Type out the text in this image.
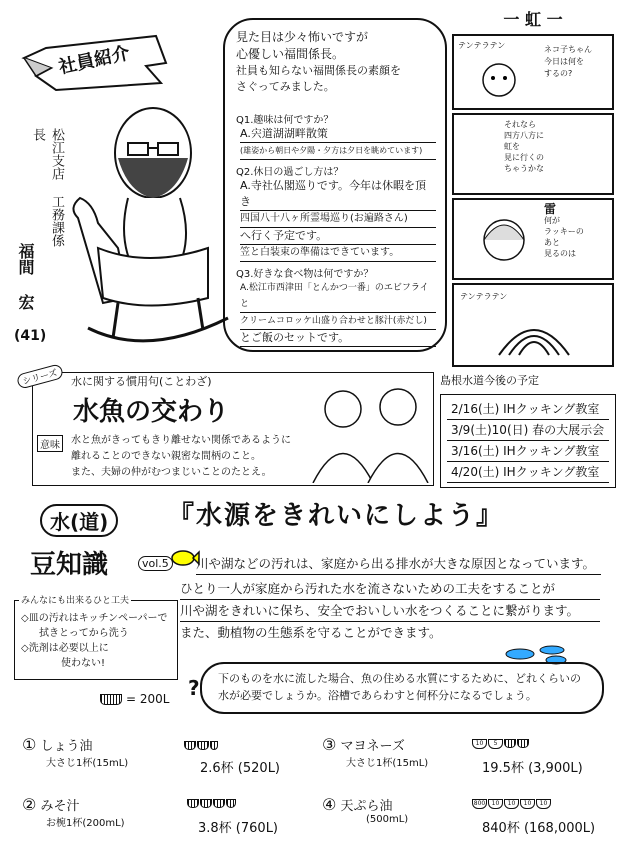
社員紹介
松江支店 工務課係長
福間 宏
(41)
見た目は少々怖いですが
心優しい福間係長。
社員も知らない福間係長の素顔を
さぐってみました。
Q1.趣味は何ですか？
A.宍道湖湖畔散策
(雄姿から朝日や夕陽・夕方は夕日を眺めています)
Q2.休日の過ごし方は？
A.寺社仏閣巡りです。今年は休暇を頂き
四国八十八ヶ所霊場巡り(お遍路さん)
へ行く予定です。
笠と白装束の準備はできています。
Q3.好きな食べ物は何ですか？
A.松江市西津田「とんかつ一番」のエビフライと
クリームコロッケ山盛り合わせと豚汁(赤だし)
とご飯のセットです。
一 虹 一
テンテラテン	ネコ子ちゃん
今日は何を
するの?
それなら
四方八方に
虹を
見に行くの
ちゃうかな
雷
何が
ラッキーの
あと
見るのは
テンテラテン
シリーズ	水に関する慣用句(ことわざ)
水魚の交わり
意味	水と魚がきってもきり離せない関係であるように
離れることのできない親密な間柄のこと。
また、夫婦の仲がむつまじいことのたとえ。
島根水道今後の予定
2/16(土) IHクッキング教室
3/9(土)10(日) 春の大展示会
3/16(土) IHクッキング教室
4/20(土) IHクッキング教室
水(道)
豆知識	vol.5
『水源をきれいにしよう』
川や湖などの汚れは、家庭から出る排水が大きな原因となっています。
ひとり一人が家庭から汚れた水を流さないための工夫をすることが
川や湖をきれいに保ち、安全でおいしい水をつくることに繋がります。
また、動植物の生態系を守ることができます。
みんなにも出来るひと工夫
◇皿の汚れはキッチンペーパーで
拭きとってから洗う
◇洗剤は必要以上に
使わない!
= 200L ? 下のものを水に流した場合、魚の住める水質にするために、どれくらいの
水が必要でしょうか。浴槽であらわすと何杯分になるでしょう。
① しょう油
大さじ1杯(15mL)	2.6杯 (520L)
② みそ汁
お椀1杯(200mL)	3.8杯 (760L)
③ マヨネーズ
大さじ1杯(15mL)
10	5
19.5杯 (3,900L)
④ 天ぷら油
(500mL)
800	10	10	10	10
840杯 (168,000L)
